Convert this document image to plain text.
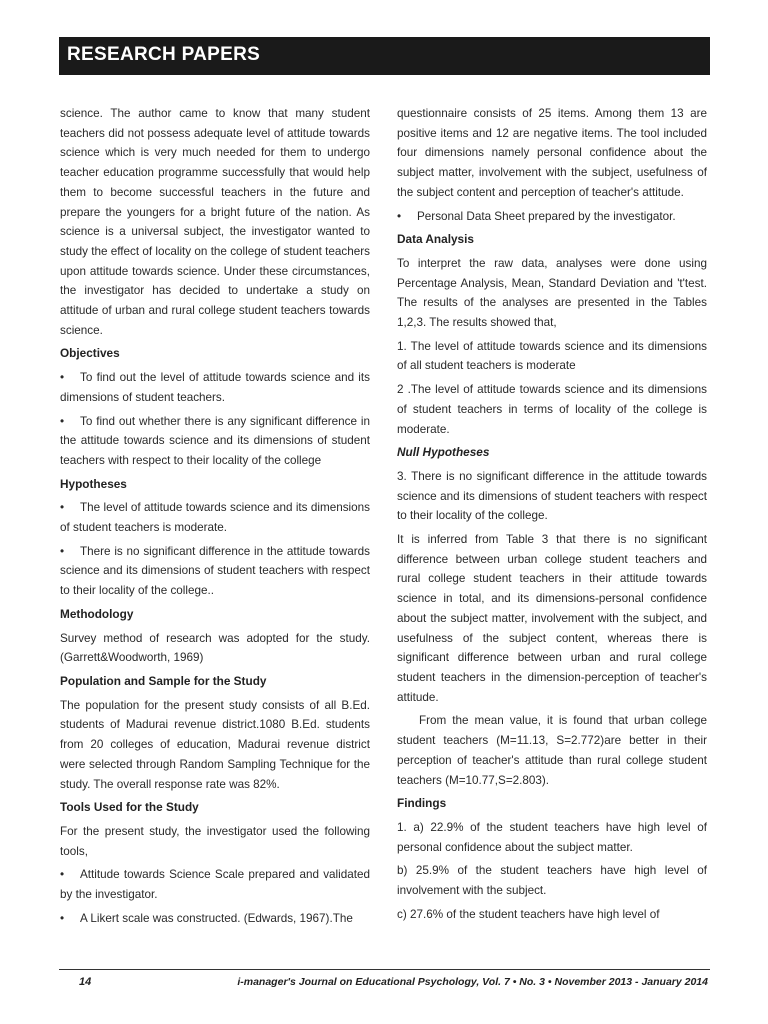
RESEARCH PAPERS

science. The author came to know that many student teachers did not possess adequate level of attitude towards science which is very much needed for them to undergo teacher education programme successfully that would help them to become successful teachers in the future and prepare the youngers for a bright future of the nation. As science is a universal subject, the investigator wanted to study the effect of locality on the college of student teachers upon attitude towards science. Under these circumstances, the investigator has decided to undertake a study on attitude of urban and rural college student teachers towards science.

Objectives

• To find out the level of attitude towards science and its dimensions of student teachers.

• To find out whether there is any significant difference in the attitude towards science and its dimensions of student teachers with respect to their locality of the college

Hypotheses

• The level of attitude towards science and its dimensions of student teachers is moderate.

• There is no significant difference in the attitude towards science and its dimensions of student teachers with respect to their locality of the college..

Methodology

Survey method of research was adopted for the study. (Garrett&Woodworth, 1969)

Population and Sample for the Study

The population for the present study consists of all B.Ed. students of Madurai revenue district.1080 B.Ed. students from 20 colleges of education, Madurai revenue district were selected through Random Sampling Technique for the study. The overall response rate was 82%.

Tools Used for the Study

For the present study, the investigator used the following tools,

• Attitude towards Science Scale prepared and validated by the investigator.

• A Likert scale was constructed. (Edwards, 1967).The

questionnaire consists of 25 items. Among them 13 are positive items and 12 are negative items. The tool included four dimensions namely personal confidence about the subject matter, involvement with the subject, usefulness of the subject content and perception of teacher's attitude.

• Personal Data Sheet prepared by the investigator.

Data Analysis

To interpret the raw data, analyses were done using Percentage Analysis, Mean, Standard Deviation and 't'test. The results of the analyses are presented in the Tables 1,2,3. The results showed that,

1. The level of attitude towards science and its dimensions of all student teachers is moderate

2 .The level of attitude towards science and its dimensions of student teachers in terms of locality of the college is moderate.

Null Hypotheses

3. There is no significant difference in the attitude towards science and its dimensions of student teachers with respect to their locality of the college.

It is inferred from Table 3 that there is no significant difference between urban college student teachers and rural college student teachers in their attitude towards science in total, and its dimensions-personal confidence about the subject matter, involvement with the subject, and usefulness of the subject content, whereas there is significant difference between urban and rural college student teachers in the dimension-perception of teacher's attitude.

From the mean value, it is found that urban college student teachers (M=11.13, S=2.772)are better in their perception of teacher's attitude than rural college student teachers (M=10.77,S=2.803).

Findings

1. a) 22.9% of the student teachers have high level of personal confidence about the subject matter.

b) 25.9% of the student teachers have high level of involvement with the subject.

c) 27.6% of the student teachers have high level of

14	i-manager's Journal on Educational Psychology, Vol. 7 • No. 3 • November 2013 - January 2014
